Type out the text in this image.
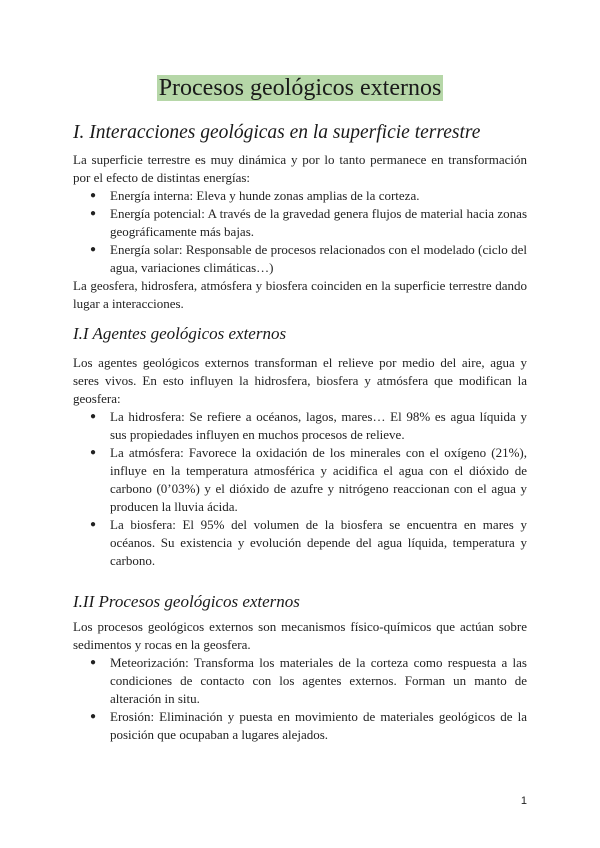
Procesos geológicos externos
I. Interacciones geológicas en la superficie terrestre

La superficie terrestre es muy dinámica y por lo tanto permanece en transformación por el efecto de distintas energías:

● Energía interna: Eleva y hunde zonas amplias de la corteza.
● Energía potencial: A través de la gravedad genera flujos de material hacia zonas geográficamente más bajas.
● Energía solar: Responsable de procesos relacionados con el modelado (ciclo del agua, variaciones climáticas…)

La geosfera, hidrosfera, atmósfera y biosfera coinciden en la superficie terrestre dando lugar a interacciones.

I.I Agentes geológicos externos

Los agentes geológicos externos transforman el relieve por medio del aire, agua y seres vivos. En esto influyen la hidrosfera, biosfera y atmósfera que modifican la geosfera:

● La hidrosfera: Se refiere a océanos, lagos, mares… El 98% es agua líquida y sus propiedades influyen en muchos procesos de relieve.
● La atmósfera: Favorece la oxidación de los minerales con el oxígeno (21%), influye en la temperatura atmosférica y acidifica el agua con el dióxido de carbono (0’03%) y el dióxido de azufre y nitrógeno reaccionan con el agua y producen la lluvia ácida.
● La biosfera: El 95% del volumen de la biosfera se encuentra en mares y océanos. Su existencia y evolución depende del agua líquida, temperatura y carbono.
I.II Procesos geológicos externos

Los procesos geológicos externos son mecanismos físico-químicos que actúan sobre sedimentos y rocas en la geosfera.

● Meteorización: Transforma los materiales de la corteza como respuesta a las condiciones de contacto con los agentes externos. Forman un manto de alteración in situ.
● Erosión: Eliminación y puesta en movimiento de materiales geológicos de la posición que ocupaban a lugares alejados.
1
